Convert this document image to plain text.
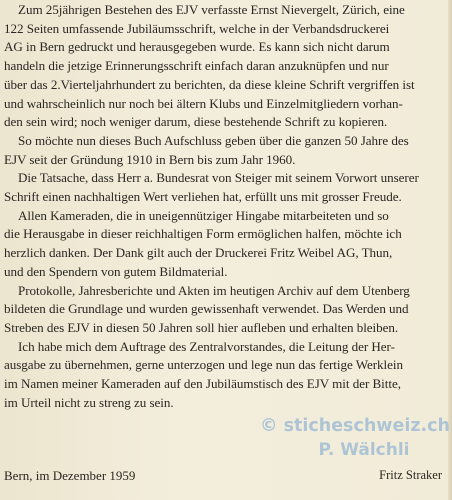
Zum 25jährigen Bestehen des EJV verfasste Ernst Nievergelt, Zürich, eine
122 Seiten umfassende Jubiläumsschrift, welche in der Verbandsdruckerei
AG in Bern gedruckt und herausgegeben wurde. Es kann sich nicht darum
handeln die jetzige Erinnerungsschrift einfach daran anzuknüpfen und nur
über das 2.Vierteljahrhundert zu berichten, da diese kleine Schrift vergriffen ist
und wahrscheinlich nur noch bei ältern Klubs und Einzelmitgliedern vorhan-
den sein wird; noch weniger darum, diese bestehende Schrift zu kopieren.
So möchte nun dieses Buch Aufschluss geben über die ganzen 50 Jahre des
EJV seit der Gründung 1910 in Bern bis zum Jahr 1960.
Die Tatsache, dass Herr a. Bundesrat von Steiger mit seinem Vorwort unserer
Schrift einen nachhaltigen Wert verliehen hat, erfüllt uns mit grosser Freude.
Allen Kameraden, die in uneigennütziger Hingabe mitarbeiteten und so
die Herausgabe in dieser reichhaltigen Form ermöglichen halfen, möchte ich
herzlich danken. Der Dank gilt auch der Druckerei Fritz Weibel AG, Thun,
und den Spendern von gutem Bildmaterial.
Protokolle, Jahresberichte und Akten im heutigen Archiv auf dem Utenberg
bildeten die Grundlage und wurden gewissenhaft verwendet. Das Werden und
Streben des EJV in diesen 50 Jahren soll hier aufleben und erhalten bleiben.
Ich habe mich dem Auftrage des Zentralvorstandes, die Leitung der Her-
ausgabe zu übernehmen, gerne unterzogen und lege nun das fertige Werklein
im Namen meiner Kameraden auf den Jubiläumstisch des EJV mit der Bitte,
im Urteil nicht zu streng zu sein.
Bern, im Dezember 1959	Fritz Straker
© sticheschweiz.ch
P. Wälchli
